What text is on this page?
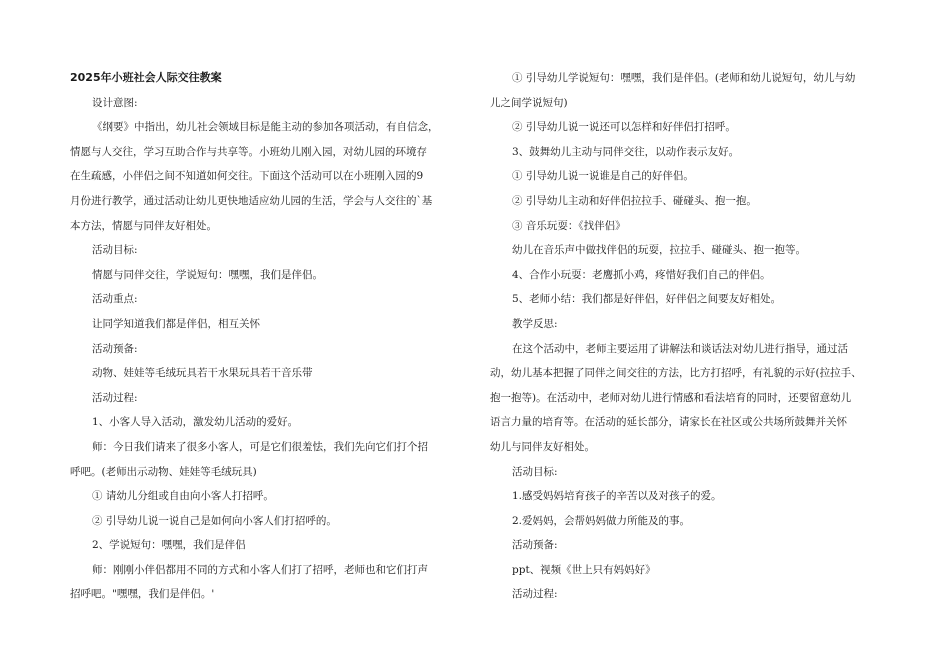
2025年小班社会人际交往教案
设计意图:
《纲要》中指出，幼儿社会领域目标是能主动的参加各项活动，有自信念，
情愿与人交往，学习互助合作与共享等。小班幼儿刚入园，对幼儿园的环境存
在生疏感，小伴侣之间不知道如何交往。下面这个活动可以在小班刚入园的9
月份进行教学，通过活动让幼儿更快地适应幼儿园的生活，学会与人交往的`基
本方法，情愿与同伴友好相处。
活动目标:
情愿与同伴交往，学说短句：嘿嘿，我们是伴侣。
活动重点:
让同学知道我们都是伴侣，相互关怀
活动预备:
动物、娃娃等毛绒玩具若干水果玩具若干音乐带
活动过程:
1、小客人导入活动，激发幼儿活动的爱好。
师：今日我们请来了很多小客人，可是它们很羞怯，我们先向它们打个招
呼吧。(老师出示动物、娃娃等毛绒玩具)
① 请幼儿分组或自由向小客人打招呼。
② 引导幼儿说一说自己是如何向小客人们打招呼的。
2、学说短句：嘿嘿，我们是伴侣
师：刚刚小伴侣都用不同的方式和小客人们打了招呼，老师也和它们打声
招呼吧。"嘿嘿，我们是伴侣。'
① 引导幼儿学说短句：嘿嘿，我们是伴侣。(老师和幼儿说短句，幼儿与幼
儿之间学说短句)
② 引导幼儿说一说还可以怎样和好伴侣打招呼。
3、鼓舞幼儿主动与同伴交往，以动作表示友好。
① 引导幼儿说一说谁是自己的好伴侣。
② 引导幼儿主动和好伴侣拉拉手、碰碰头、抱一抱。
③ 音乐玩耍：《找伴侣》
幼儿在音乐声中做找伴侣的玩耍，拉拉手、碰碰头、抱一抱等。
4、合作小玩耍：老鹰抓小鸡，疼惜好我们自己的伴侣。
5、老师小结：我们都是好伴侣，好伴侣之间要友好相处。
教学反思:
在这个活动中，老师主要运用了讲解法和谈话法对幼儿进行指导，通过活
动，幼儿基本把握了同伴之间交往的方法，比方打招呼，有礼貌的示好(拉拉手、
抱一抱等)。在活动中，老师对幼儿进行情感和看法培育的同时，还要留意幼儿
语言力量的培育等。在活动的延长部分，请家长在社区或公共场所鼓舞并关怀
幼儿与同伴友好相处。
活动目标:
1.感受妈妈培育孩子的辛苦以及对孩子的爱。
2.爱妈妈，会帮妈妈做力所能及的事。
活动预备:
ppt、视频《世上只有妈妈好》
活动过程:
